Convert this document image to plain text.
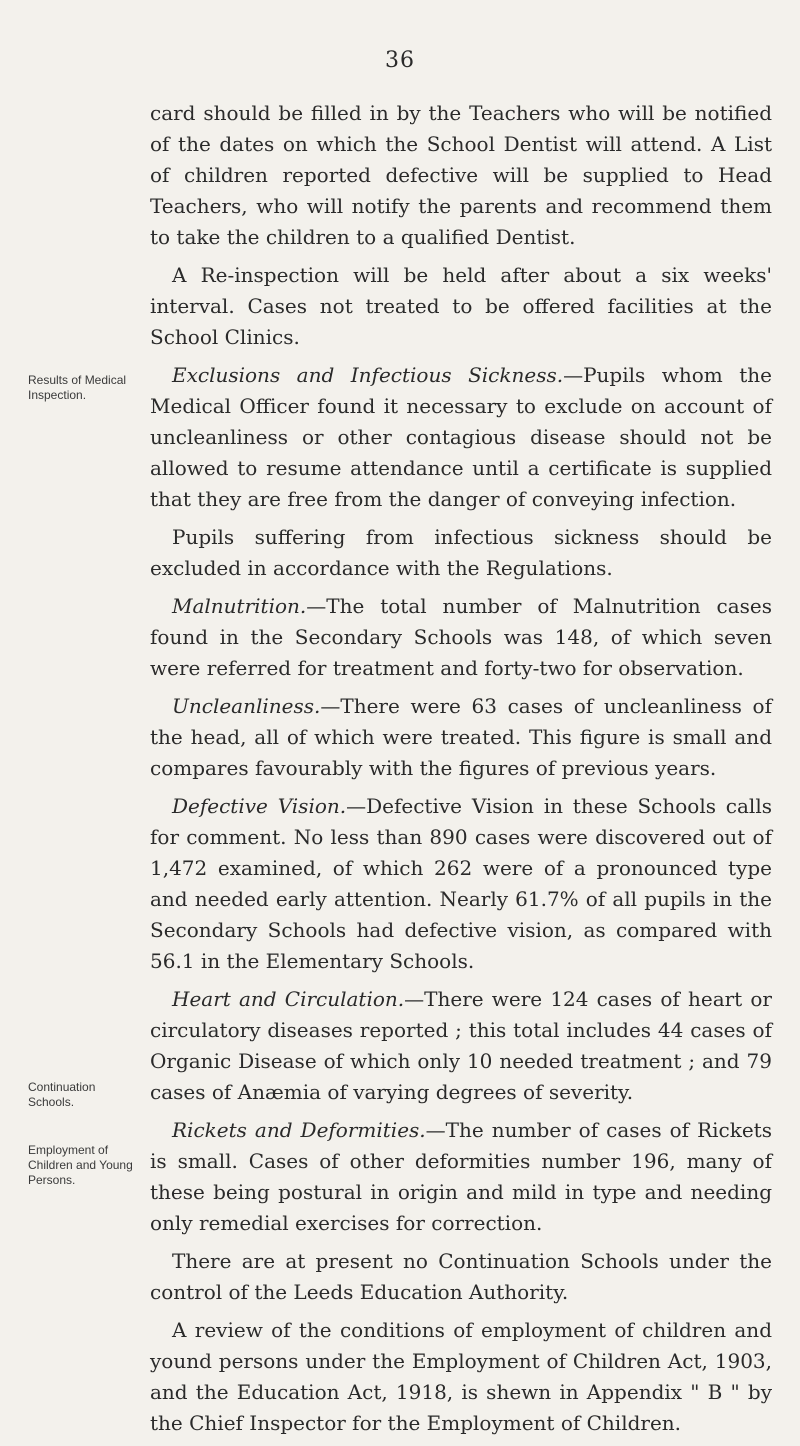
36
Results of Medical Inspection.
Continuation Schools.
Employment of Children and Young Persons.

card should be filled in by the Teachers who will be notified of the dates on which the School Dentist will attend. A List of children reported defective will be supplied to Head Teachers, who will notify the parents and recommend them to take the children to a qualified Dentist.

A Re-inspection will be held after about a six weeks' interval. Cases not treated to be offered facilities at the School Clinics.

Exclusions and Infectious Sickness.—Pupils whom the Medical Officer found it necessary to exclude on account of uncleanliness or other contagious disease should not be allowed to resume attendance until a certificate is supplied that they are free from the danger of conveying infection.

Pupils suffering from infectious sickness should be excluded in accordance with the Regulations.

Malnutrition.—The total number of Malnutrition cases found in the Secondary Schools was 148, of which seven were referred for treatment and forty-two for observation.

Uncleanliness.—There were 63 cases of uncleanliness of the head, all of which were treated. This figure is small and compares favourably with the figures of previous years.

Defective Vision.—Defective Vision in these Schools calls for comment. No less than 890 cases were discovered out of 1,472 examined, of which 262 were of a pronounced type and needed early attention. Nearly 61.7% of all pupils in the Secondary Schools had defective vision, as compared with 56.1 in the Elementary Schools.

Heart and Circulation.—There were 124 cases of heart or circulatory diseases reported ; this total includes 44 cases of Organic Disease of which only 10 needed treatment ; and 79 cases of Anæmia of varying degrees of severity.

Rickets and Deformities.—The number of cases of Rickets is small. Cases of other deformities number 196, many of these being postural in origin and mild in type and needing only remedial exercises for correction.

There are at present no Continuation Schools under the control of the Leeds Education Authority.

A review of the conditions of employment of children and yound persons under the Employment of Children Act, 1903, and the Education Act, 1918, is shewn in Appendix " B " by the Chief Inspector for the Employment of Children.
